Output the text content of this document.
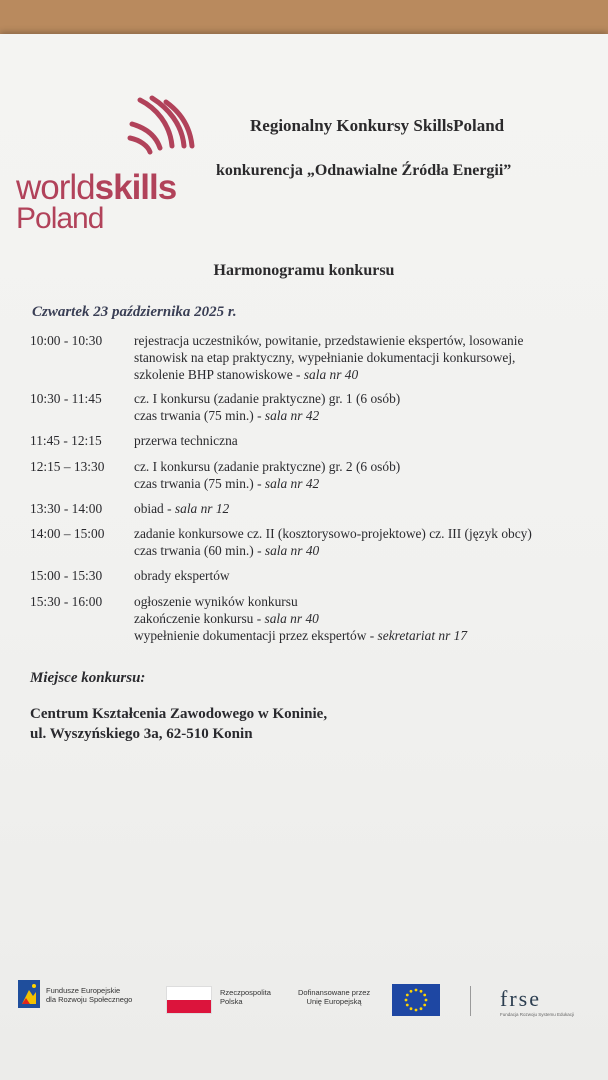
worldskills
Poland
Regionalny Konkursy SkillsPoland
konkurencja „Odnawialne Źródła Energii”
Harmonogramu konkursu
Czwartek 23 października 2025 r.
10:00 - 10:30 rejestracja uczestników, powitanie, przedstawienie ekspertów, losowanie
stanowisk na etap praktyczny, wypełnianie dokumentacji konkursowej,
szkolenie BHP stanowiskowe - sala nr 40
10:30 - 11:45 cz. I konkursu (zadanie praktyczne) gr. 1 (6 osób)
czas trwania (75 min.) - sala nr 42
11:45 - 12:15 przerwa techniczna
12:15 – 13:30 cz. I konkursu (zadanie praktyczne) gr. 2 (6 osób)
czas trwania (75 min.) - sala nr 42
13:30 - 14:00 obiad - sala nr 12
14:00 – 15:00 zadanie konkursowe cz. II (kosztorysowo-projektowe) cz. III (język obcy)
czas trwania (60 min.) - sala nr 40
15:00 - 15:30 obrady ekspertów
15:30 - 16:00 ogłoszenie wyników konkursu
zakończenie konkursu - sala nr 40
wypełnienie dokumentacji przez ekspertów - sekretariat nr 17
Miejsce konkursu:
Centrum Kształcenia Zawodowego w Koninie,
ul. Wyszyńskiego 3a, 62-510 Konin
Fundusze Europejskie
dla Rozwoju Społecznego
Rzeczpospolita
Polska
Dofinansowane przez
Unię Europejską	frse
Fundacja Rozwoju Systemu Edukacji
